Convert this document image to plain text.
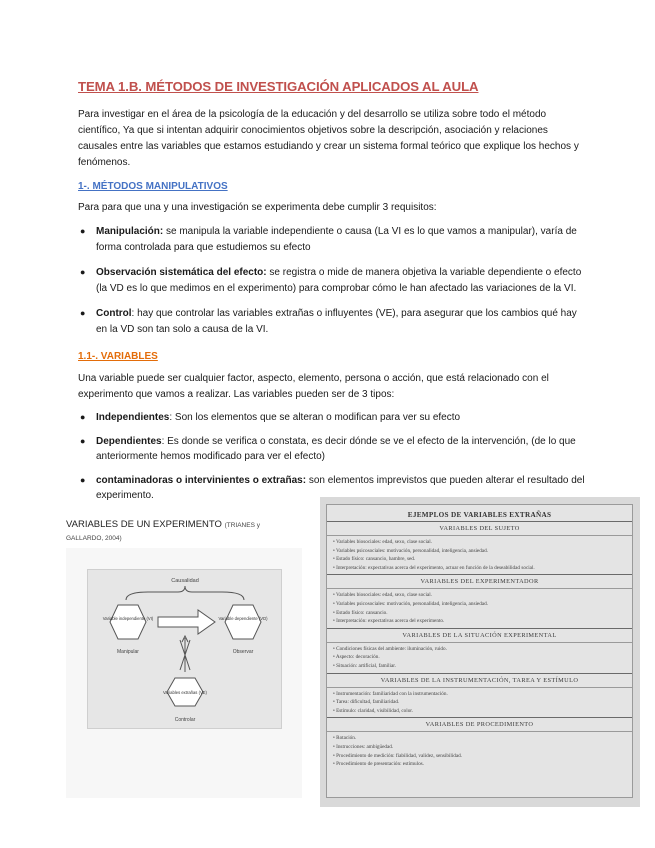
TEMA 1.B. MÉTODOS DE INVESTIGACIÓN APLICADOS AL AULA

Para investigar en el área de la psicología de la educación y del desarrollo se utiliza sobre todo el método científico, Ya que si intentan adquirir conocimientos objetivos sobre la descripción, asociación y relaciones causales entre las variables que estamos estudiando y crear un sistema formal teórico que explique los hechos y fenómenos.

1-. MÉTODOS MANIPULATIVOS

Para para que una y una investigación se experimenta debe cumplir 3 requisitos:

● Manipulación: se manipula la variable independiente o causa (La VI es lo que vamos a manipular), varía de forma controlada para que estudiemos su efecto
● Observación sistemática del efecto: se registra o mide de manera objetiva la variable dependiente o efecto (la VD es lo que medimos en el experimento) para comprobar cómo le han afectado las variaciones de la VI.
● Control: hay que controlar las variables extrañas o influyentes (VE), para asegurar que los cambios qué hay en la VD son tan solo a causa de la VI.
1.1-. VARIABLES

Una variable puede ser cualquier factor, aspecto, elemento, persona o acción, que está relacionado con el experimento que vamos a realizar. Las variables pueden ser de 3 tipos:

● Independientes: Son los elementos que se alteran o modifican para ver su efecto
● Dependientes: Es donde se verifica o constata, es decir dónde se ve el efecto de la intervención, (de lo que anteriormente hemos modificado para ver el efecto)
● contaminadoras o intervinientes o extrañas: son elementos imprevistos que pueden alterar el resultado del experimento.
VARIABLES DE UN EXPERIMENTO (TRIANES y GALLARDO, 2004)
Causalidad
Variable independiente (VI)	Variable dependiente (VD)
Manipular	Observar
Variables extrañas (VE)
Controlar
EJEMPLOS DE VARIABLES EXTRAÑAS
VARIABLES DEL SUJETO
• Variables biosociales: edad, sexo, clase social.
• Variables psicosociales: motivación, personalidad, inteligencia, ansiedad.
• Estado físico: cansancio, hambre, sed.
• Interpretación: expectativas acerca del experimento, actuar en función de la deseabilidad social.
VARIABLES DEL EXPERIMENTADOR
• Variables biosociales: edad, sexo, clase social.
• Variables psicosociales: motivación, personalidad, inteligencia, ansiedad.
• Estado físico: cansancio.
• Interpretación: expectativas acerca del experimento.
VARIABLES DE LA SITUACIÓN EXPERIMENTAL
• Condiciones físicas del ambiente: iluminación, ruido.
• Aspecto: decoración.
• Situación: artificial, familiar.
VARIABLES DE LA INSTRUMENTACIÓN, TAREA Y ESTÍMULO
• Instrumentación: familiaridad con la instrumentación.
• Tarea: dificultad, familiaridad.
• Estímulo: claridad, visibilidad, color.
VARIABLES DE PROCEDIMIENTO
• Rotación.
• Instrucciones: ambigüedad.
• Procedimiento de medición: fiabilidad, validez, sensibilidad.
• Procedimiento de presentación: estímulos.
